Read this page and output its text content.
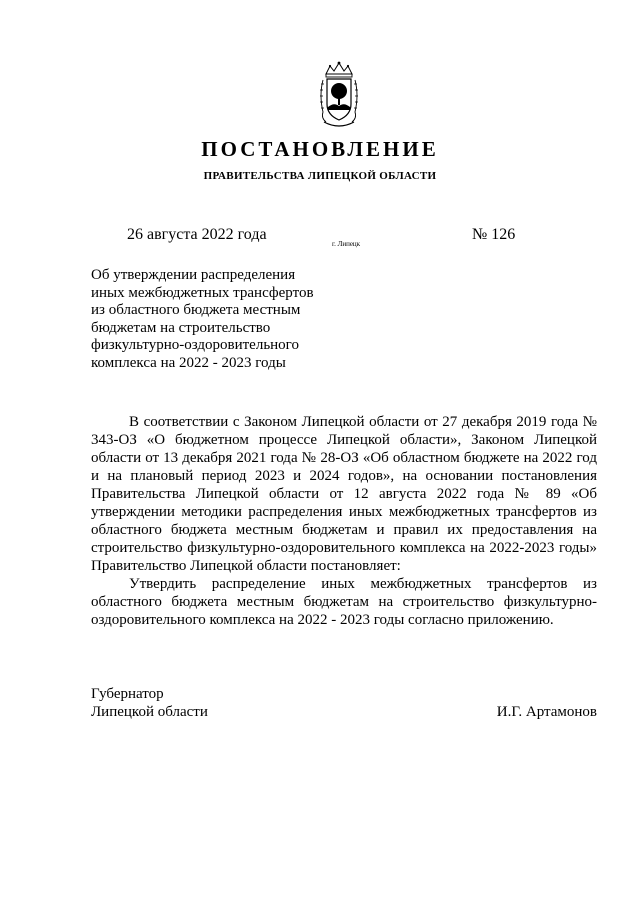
ПОСТАНОВЛЕНИЕ
ПРАВИТЕЛЬСТВА ЛИПЕЦКОЙ ОБЛАСТИ
26 августа 2022 года
г. Липецк
№ 126
Об утверждении распределения
иных межбюджетных трансфертов
из областного бюджета местным
бюджетам на строительство
физкультурно-оздоровительного
комплекса на 2022 - 2023 годы

В соответствии с Законом Липецкой области от 27 декабря 2019 года № 343-ОЗ «О бюджетном процессе Липецкой области», Законом Липецкой области от 13 декабря 2021 года № 28-ОЗ «Об областном бюджете на 2022 год и на плановый период 2023 и 2024 годов», на основании постановления Правительства Липецкой области от 12 августа 2022 года № 89 «Об утверждении методики распределения иных межбюджетных трансфертов из областного бюджета местным бюджетам и правил их предоставления на строительство физкультурно-оздоровительного комплекса на 2022-2023 годы» Правительство Липецкой области постановляет:

Утвердить распределение иных межбюджетных трансфертов из областного бюджета местным бюджетам на строительство физкультурно-оздоровительного комплекса на 2022 - 2023 годы согласно приложению.

Губернатор
Липецкой области	И.Г. Артамонов
